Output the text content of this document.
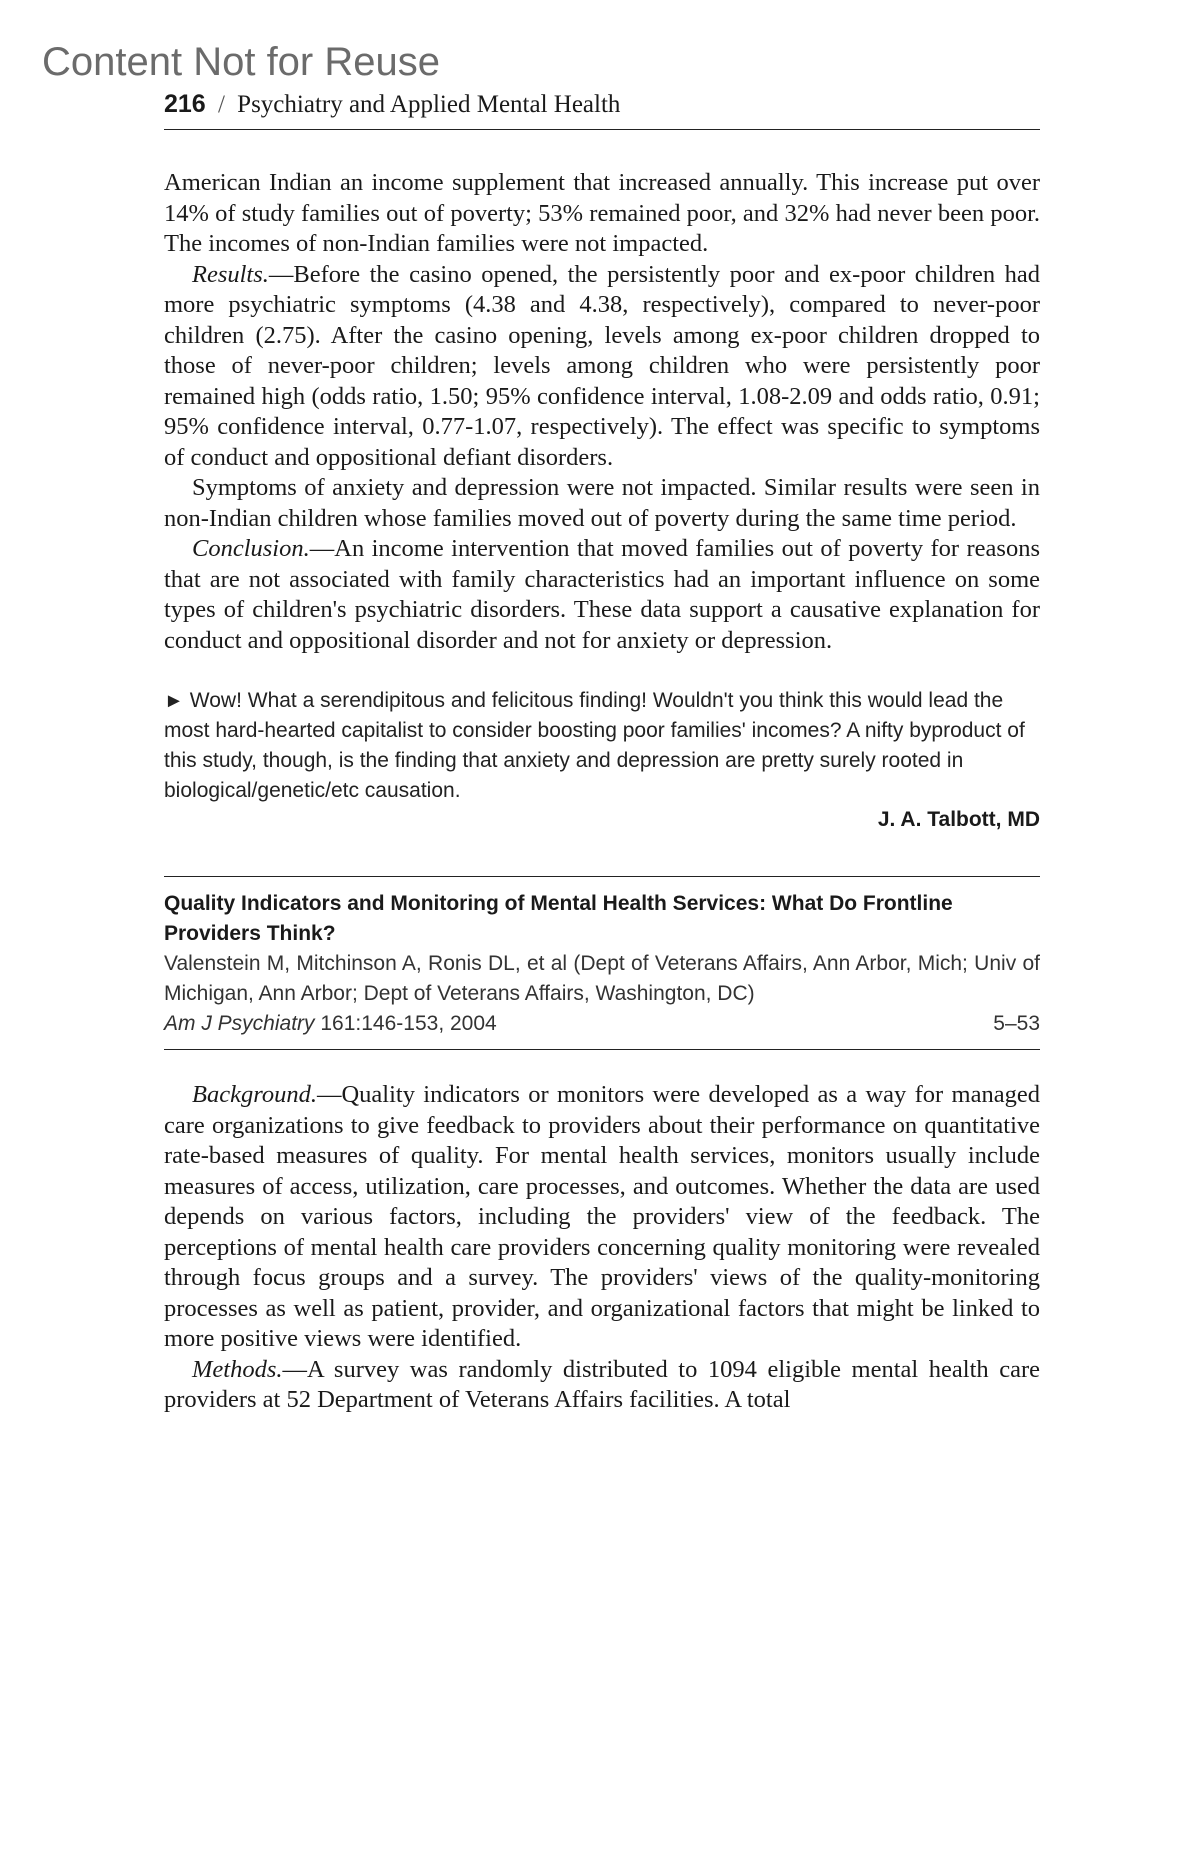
Content Not for Reuse
216 / Psychiatry and Applied Mental Health

American Indian an income supplement that increased annually. This increase put over 14% of study families out of poverty; 53% remained poor, and 32% had never been poor. The incomes of non-Indian families were not impacted.

Results.—Before the casino opened, the persistently poor and ex-poor children had more psychiatric symptoms (4.38 and 4.38, respectively), compared to never-poor children (2.75). After the casino opening, levels among ex-poor children dropped to those of never-poor children; levels among children who were persistently poor remained high (odds ratio, 1.50; 95% confidence interval, 1.08-2.09 and odds ratio, 0.91; 95% confidence interval, 0.77-1.07, respectively). The effect was specific to symptoms of conduct and oppositional defiant disorders.

Symptoms of anxiety and depression were not impacted. Similar results were seen in non-Indian children whose families moved out of poverty during the same time period.

Conclusion.—An income intervention that moved families out of poverty for reasons that are not associated with family characteristics had an important influence on some types of children's psychiatric disorders. These data support a causative explanation for conduct and oppositional disorder and not for anxiety or depression.

► Wow! What a serendipitous and felicitous finding! Wouldn't you think this would lead the most hard-hearted capitalist to consider boosting poor families' incomes? A nifty byproduct of this study, though, is the finding that anxiety and depression are pretty surely rooted in biological/genetic/etc causation.
J. A. Talbott, MD
Quality Indicators and Monitoring of Mental Health Services: What Do Frontline Providers Think?
Valenstein M, Mitchinson A, Ronis DL, et al (Dept of Veterans Affairs, Ann Arbor, Mich; Univ of Michigan, Ann Arbor; Dept of Veterans Affairs, Washington, DC)
Am J Psychiatry 161:146-153, 2004	5–53

Background.—Quality indicators or monitors were developed as a way for managed care organizations to give feedback to providers about their performance on quantitative rate-based measures of quality. For mental health services, monitors usually include measures of access, utilization, care processes, and outcomes. Whether the data are used depends on various factors, including the providers' view of the feedback. The perceptions of mental health care providers concerning quality monitoring were revealed through focus groups and a survey. The providers' views of the quality-monitoring processes as well as patient, provider, and organizational factors that might be linked to more positive views were identified.

Methods.—A survey was randomly distributed to 1094 eligible mental health care providers at 52 Department of Veterans Affairs facilities. A total
